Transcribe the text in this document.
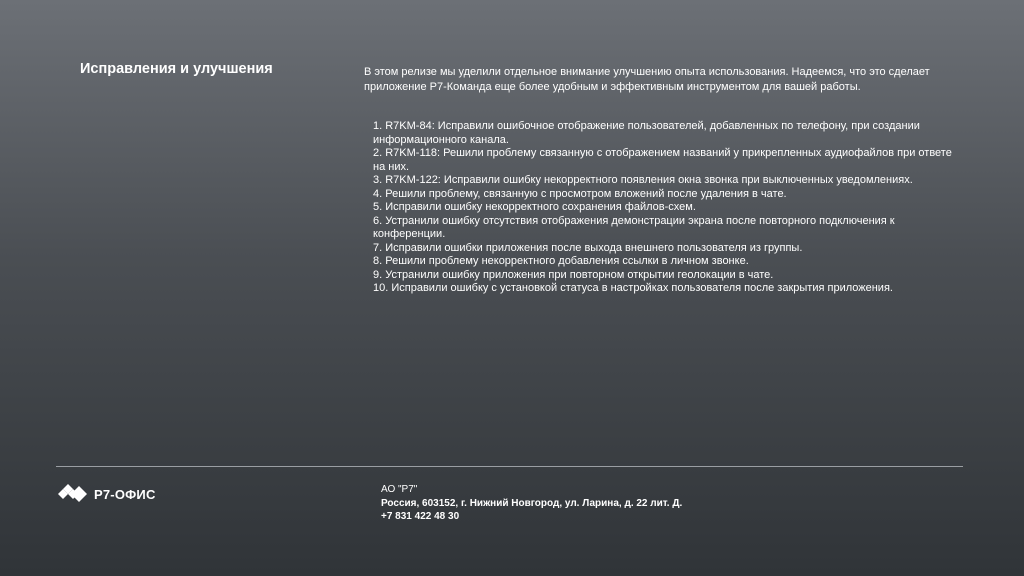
Исправления и улучшения	В этом релизе мы уделили отдельное внимание улучшению опыта использования. Надеемся, что это сделает приложение Р7-Команда еще более удобным и эффективным инструментом для вашей работы.

1. R7KM-84: Исправили ошибочное отображение пользователей, добавленных по телефону, при создании информационного канала.
2. R7KM-118: Решили проблему связанную с отображением названий у прикрепленных аудиофайлов при ответе на них.
3. R7KM-122: Исправили ошибку некорректного появления окна звонка при выключенных уведомлениях.
4. Решили проблему, связанную с просмотром вложений после удаления в чате.
5. Исправили ошибку некорректного сохранения файлов-схем.
6. Устранили ошибку отсутствия отображения демонстрации экрана после повторного подключения к конференции.
7. Исправили ошибки приложения после выхода внешнего пользователя из группы.
8. Решили проблему некорректного добавления ссылки в личном звонке.
9. Устранили ошибку приложения при повторном открытии геолокации в чате.
10. Исправили ошибку с установкой статуса в настройках пользователя после закрытия приложения.
Р7-ОФИС	АО "Р7"
Россия, 603152, г. Нижний Новгород, ул. Ларина, д. 22 лит. Д.
+7 831 422 48 30
